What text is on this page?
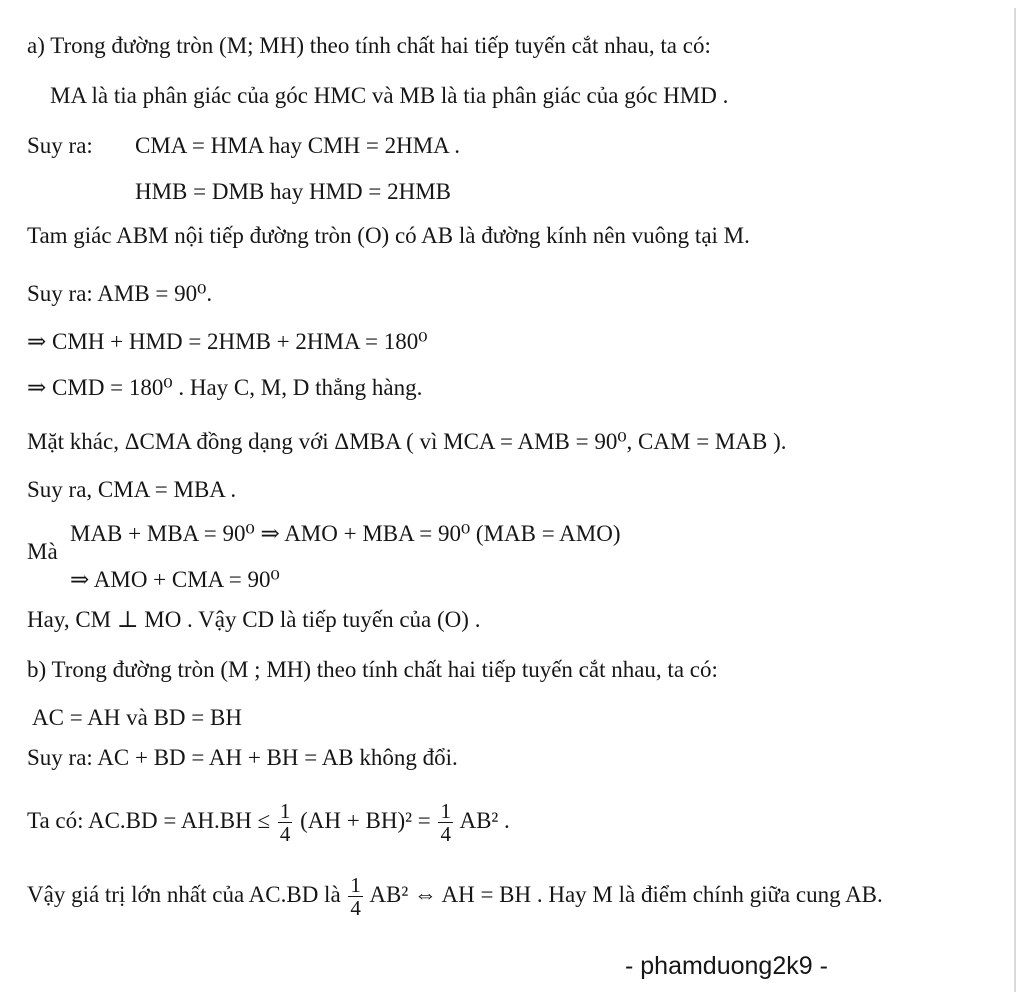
a) Trong đường tròn (M; MH) theo tính chất hai tiếp tuyến cắt nhau, ta có:
MA là tia phân giác của góc HMC và MB là tia phân giác của góc HMD .
Suy ra: CMA = HMA hay CMH = 2HMA .
HMB = DMB hay HMD = 2HMB
Tam giác ABM nội tiếp đường tròn (O) có AB là đường kính nên vuông tại M.
Suy ra: AMB = 90⁰.
⇒ CMH + HMD = 2HMB + 2HMA = 180⁰
⇒ CMD = 180⁰ . Hay C, M, D thẳng hàng.
Mặt khác, ΔCMA đồng dạng với ΔMBA ( vì MCA = AMB = 90⁰, CAM = MAB ).
Suy ra, CMA = MBA .
Mà
MAB + MBA = 90⁰ ⇒ AMO + MBA = 90⁰ (MAB = AMO)
⇒ AMO + CMA = 90⁰
Hay, CM ⊥ MO . Vậy CD là tiếp tuyến của (O) .
b) Trong đường tròn (M ; MH) theo tính chất hai tiếp tuyến cắt nhau, ta có:
AC = AH và BD = BH
Suy ra: AC + BD = AH + BH = AB không đổi.
Ta có: $AC.BD = AH.BH \le \frac{1}{4} (AH + BH)^2 = \frac{1}{4} AB^2$ .
Vậy giá trị lớn nhất của AC.BD là $\frac{1}{4} AB^2$ ⇔ AH = BH . Hay M là điểm chính giữa cung AB.
- phamduong2k9 -
